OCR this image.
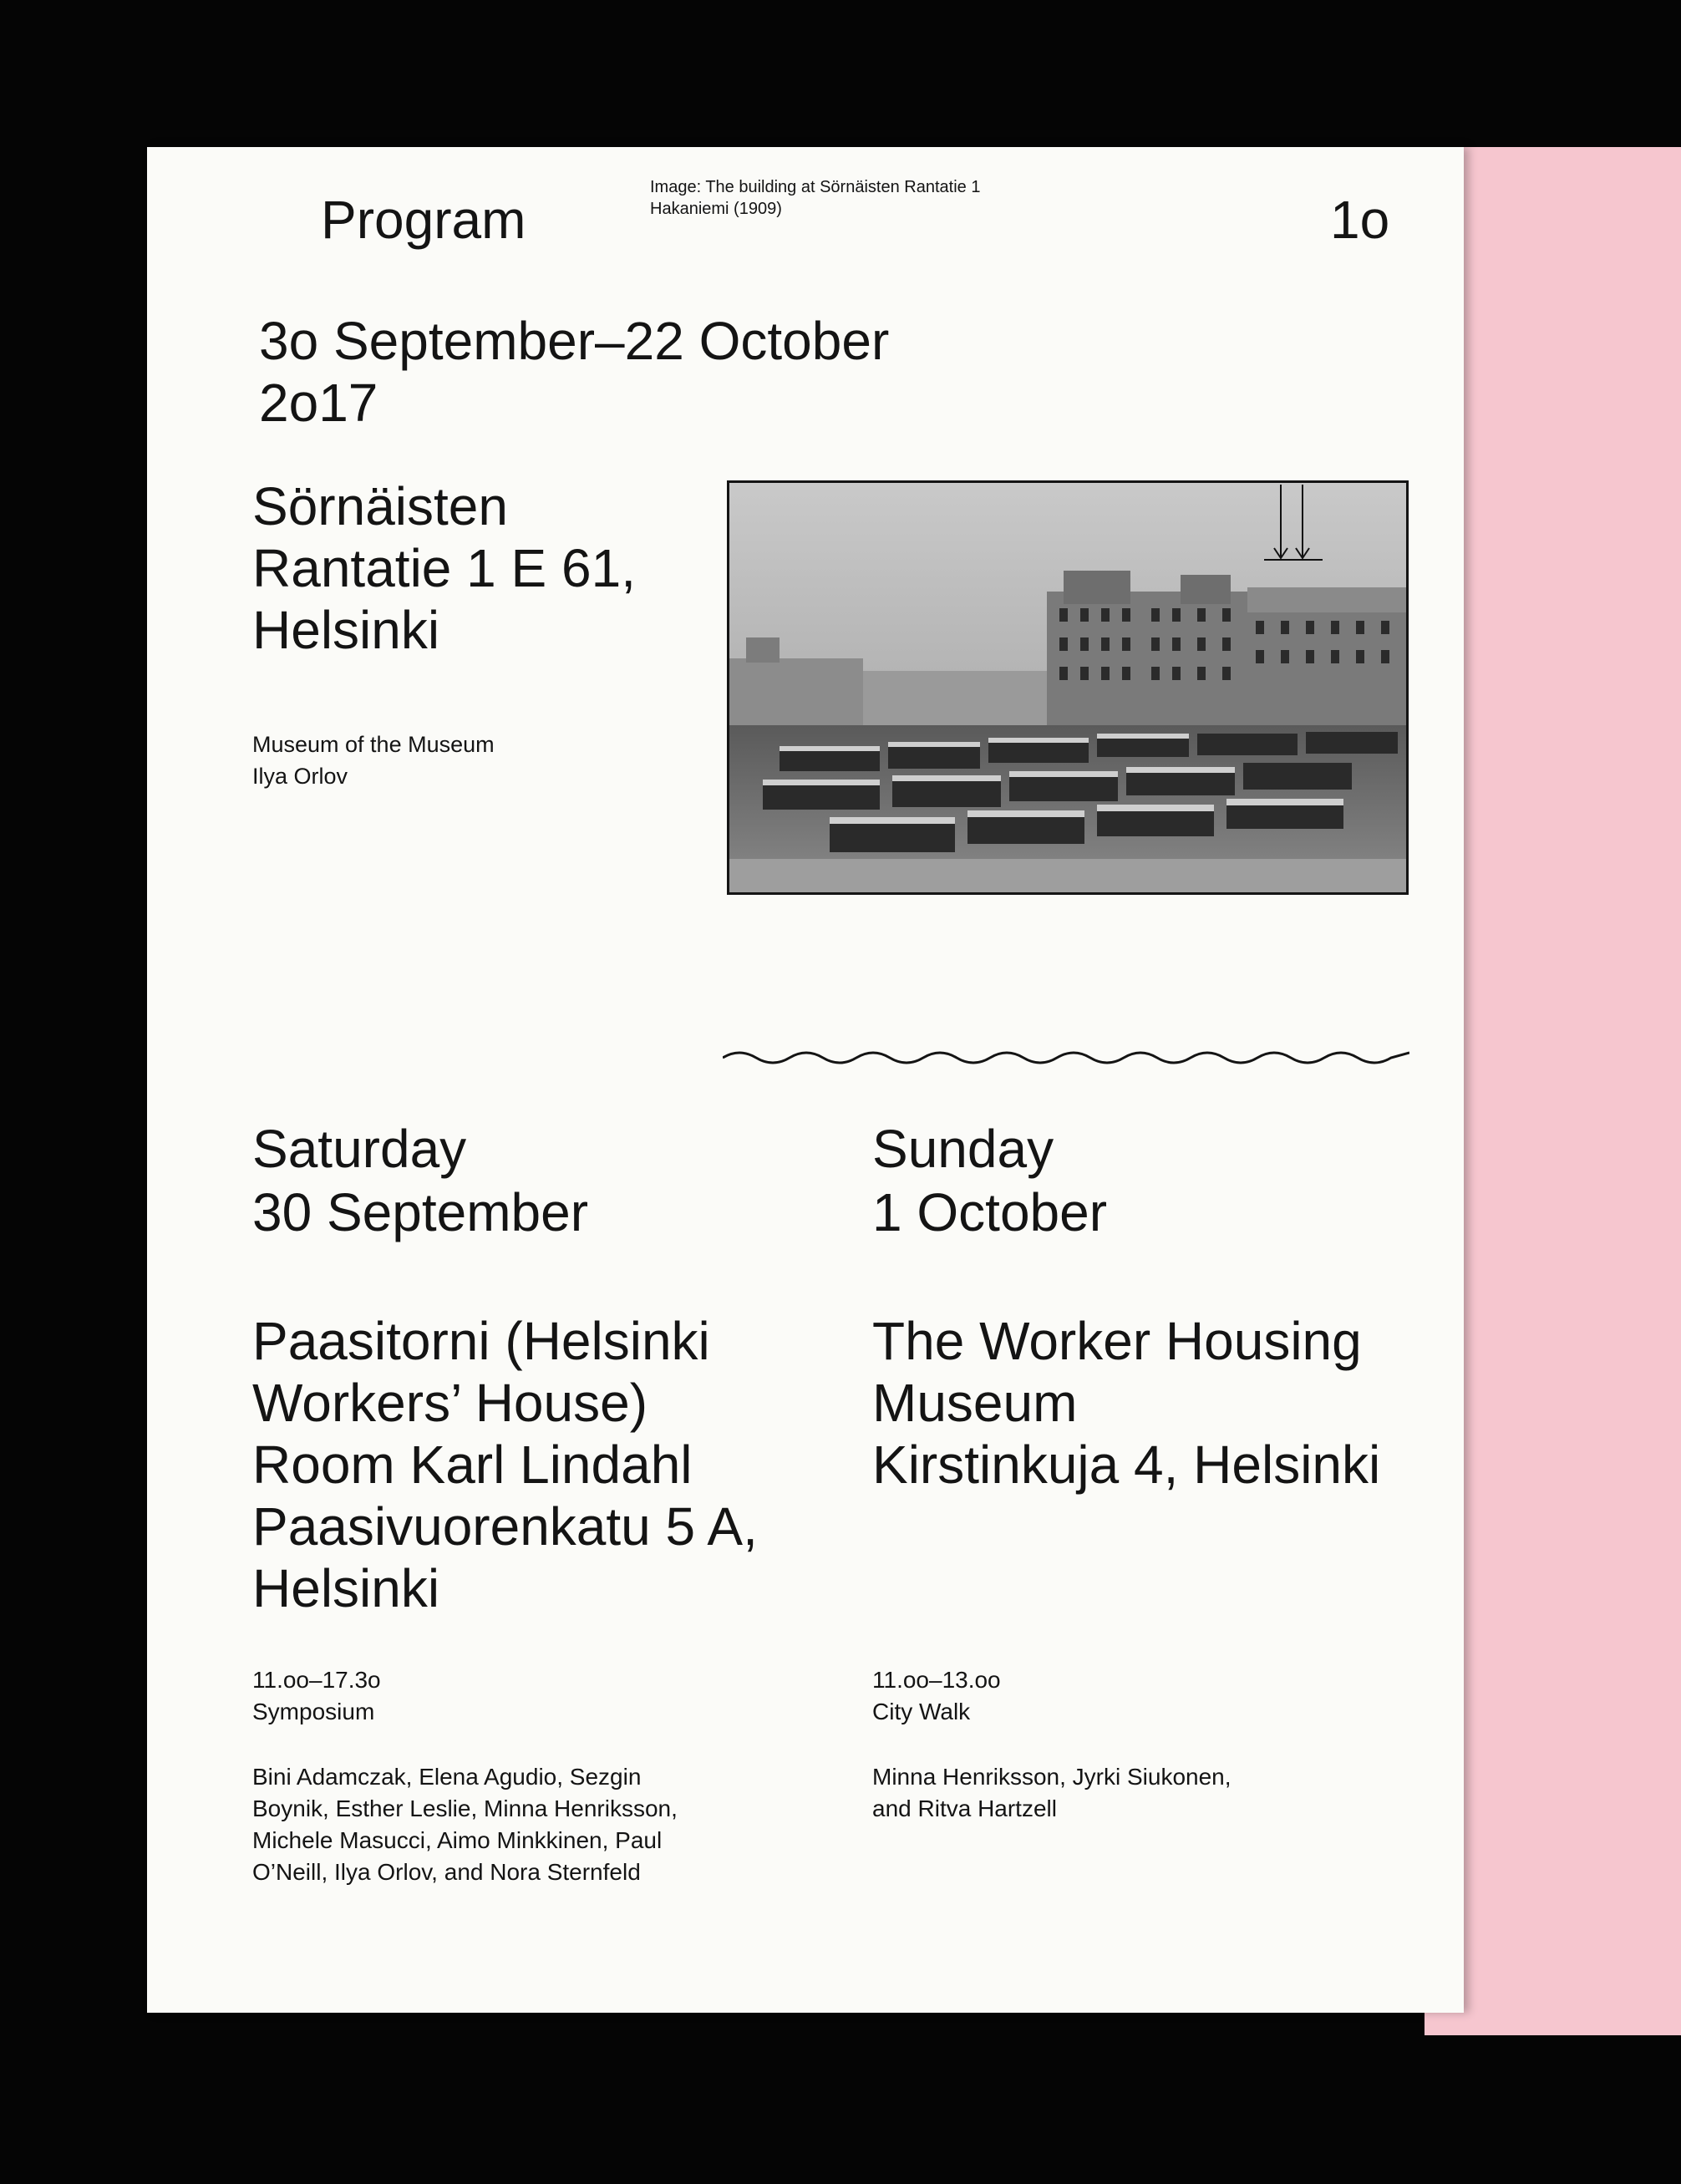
Program
Image: The building at Sörnäisten Rantatie 1
Hakaniemi (1909)	1o
3o September–22 October
2o17
Sörnäisten
Rantatie 1 E 61,
Helsinki
Museum of the Museum
Ilya Orlov
Saturday
30 September
Paasitorni (Helsinki
Workers’ House)
Room Karl Lindahl
Paasivuorenkatu 5 A,
Helsinki
11.oo–17.3o
Symposium
Bini Adamczak, Elena Agudio, Sezgin
Boynik, Esther Leslie, Minna Henriksson,
Michele Masucci, Aimo Minkkinen, Paul
O’Neill, Ilya Orlov, and Nora Sternfeld
Sunday
1 October
The Worker Housing
Museum
Kirstinkuja 4, Helsinki
11.oo–13.oo
City Walk
Minna Henriksson, Jyrki Siukonen,
and Ritva Hartzell
